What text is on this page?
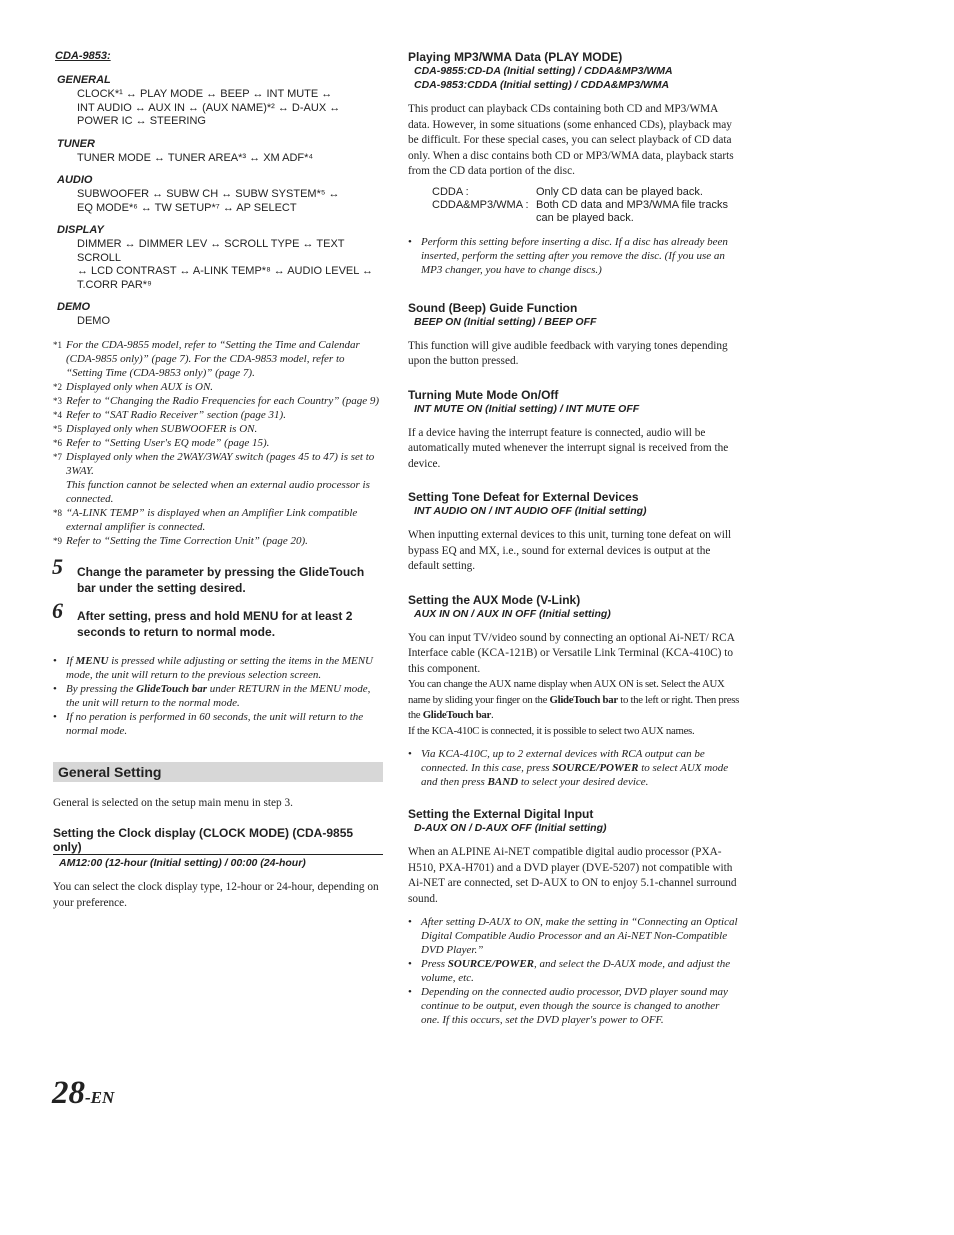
CDA-9853:
GENERAL
CLOCK*¹ ↔ PLAY MODE ↔ BEEP ↔ INT MUTE ↔
INT AUDIO ↔ AUX IN ↔ (AUX NAME)*² ↔ D-AUX ↔
POWER IC ↔ STEERING
TUNER
TUNER MODE ↔ TUNER AREA*³ ↔ XM ADF*⁴
AUDIO
SUBWOOFER ↔ SUBW CH ↔ SUBW SYSTEM*⁵ ↔
EQ MODE*⁶ ↔ TW SETUP*⁷ ↔ AP SELECT
DISPLAY
DIMMER ↔ DIMMER LEV ↔ SCROLL TYPE ↔ TEXT SCROLL
↔ LCD CONTRAST ↔ A-LINK TEMP*⁸ ↔ AUDIO LEVEL ↔
T.CORR PAR*⁹
DEMO
DEMO

*1 For the CDA-9855 model, refer to “Setting the Time and Calendar (CDA-9855 only)” (page 7). For the CDA-9853 model, refer to “Setting Time (CDA-9853 only)” (page 7).

*2 Displayed only when AUX is ON.

*3 Refer to “Changing the Radio Frequencies for each Country” (page 9)

*4 Refer to “SAT Radio Receiver” section (page 31).

*5 Displayed only when SUBWOOFER is ON.

*6 Refer to “Setting User's EQ mode” (page 15).

*7 Displayed only when the 2WAY/3WAY switch (pages 45 to 47) is set to 3WAY.
This function cannot be selected when an external audio processor is connected.

*8 “A-LINK TEMP” is displayed when an Amplifier Link compatible external amplifier is connected.

*9 Refer to “Setting the Time Correction Unit” (page 20).

5 Change the parameter by pressing the GlideTouch bar under the setting desired.
6 After setting, press and hold MENU for at least 2 seconds to return to normal mode.
• If MENU is pressed while adjusting or setting the items in the MENU mode, the unit will return to the previous selection screen.
• By pressing the GlideTouch bar under RETURN in the MENU mode, the unit will return to the normal mode.
• If no peration is performed in 60 seconds, the unit will return to the normal mode.
General Setting

General is selected on the setup main menu in step 3.

Setting the Clock display (CLOCK MODE) (CDA-9855 only)

AM12:00 (12-hour (Initial setting) / 00:00 (24-hour)

You can select the clock display type, 12-hour or 24-hour, depending on your preference.

Playing MP3/WMA Data (PLAY MODE)

CDA-9855:CD-DA (Initial setting) / CDDA&MP3/WMA

CDA-9853:CDDA (Initial setting) / CDDA&MP3/WMA

This product can playback CDs containing both CD and MP3/WMA data. However, in some situations (some enhanced CDs), playback may be difficult. For these special cases, you can select playback of CD data only. When a disc contains both CD or MP3/WMA data, playback starts from the CD data portion of the disc.

CDDA :	Only CD data can be played back.
CDDA&MP3/WMA : Both CD data and MP3/WMA file tracks can be played back.
• Perform this setting before inserting a disc. If a disc has already been inserted, perform the setting after you remove the disc. (If you use an MP3 changer, you have to change discs.)

Sound (Beep) Guide Function

BEEP ON (Initial setting) / BEEP OFF

This function will give audible feedback with varying tones depending upon the button pressed.

Turning Mute Mode On/Off

INT MUTE ON (Initial setting) / INT MUTE OFF

If a device having the interrupt feature is connected, audio will be automatically muted whenever the interrupt signal is received from the device.

Setting Tone Defeat for External Devices

INT AUDIO ON / INT AUDIO OFF (Initial setting)

When inputting external devices to this unit, turning tone defeat on will bypass EQ and MX, i.e., sound for external devices is output at the default setting.

Setting the AUX Mode (V-Link)

AUX IN ON / AUX IN OFF (Initial setting)

You can input TV/video sound by connecting an optional Ai-NET/ RCA Interface cable (KCA-121B) or Versatile Link Terminal (KCA-410C) to this component.

You can change the AUX name display when AUX ON is set. Select the AUX name by sliding your finger on the GlideTouch bar to the left or right. Then press the GlideTouch bar.

If the KCA-410C is connected, it is possible to select two AUX names.

• Via KCA-410C, up to 2 external devices with RCA output can be connected. In this case, press SOURCE/POWER to select AUX mode and then press BAND to select your desired device.

Setting the External Digital Input

D-AUX ON / D-AUX OFF (Initial setting)

When an ALPINE Ai-NET compatible digital audio processor (PXA-H510, PXA-H701) and a DVD player (DVE-5207) not compatible with Ai-NET are connected, set D-AUX to ON to enjoy 5.1-channel surround sound.

• After setting D-AUX to ON, make the setting in “Connecting an Optical Digital Compatible Audio Processor and an Ai-NET Non-Compatible DVD Player.”
• Press SOURCE/POWER, and select the D-AUX mode, and adjust the volume, etc.
• Depending on the connected audio processor, DVD player sound may continue to be output, even though the source is changed to another one. If this occurs, set the DVD player's power to OFF.
28-EN
